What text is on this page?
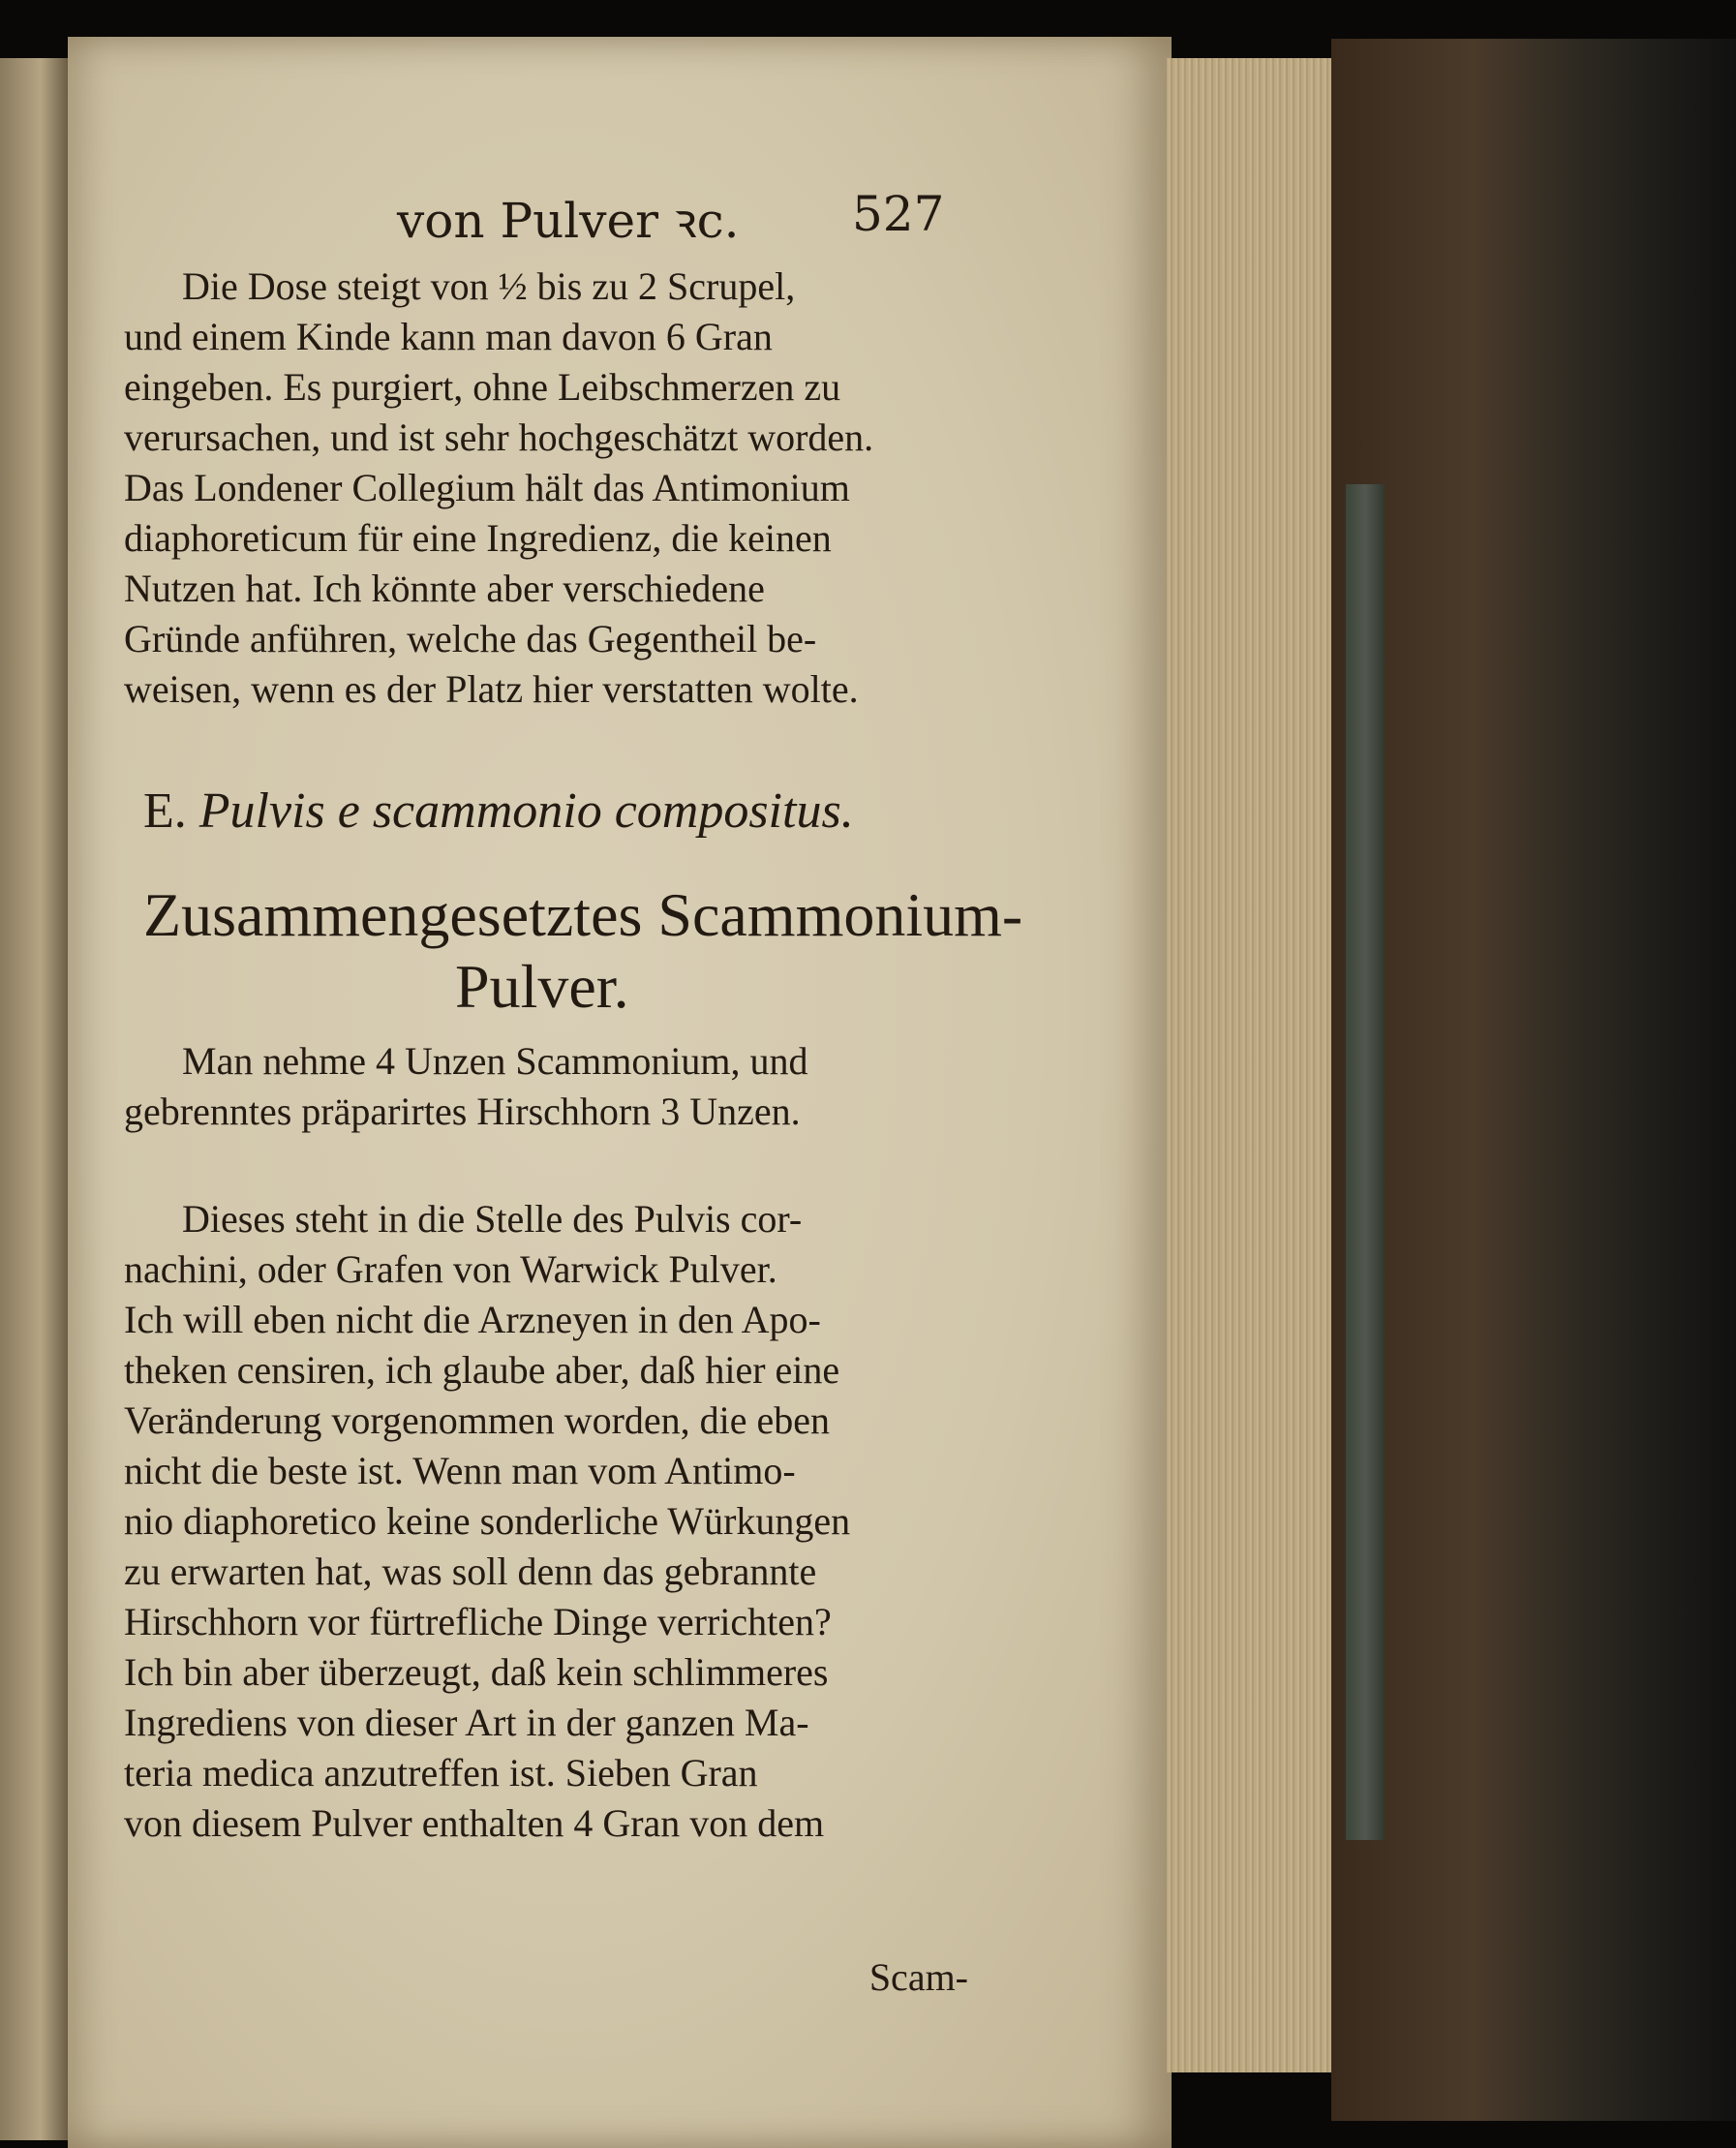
von Pulver ꝛc. 527
Die Dose steigt von ½ bis zu 2 Scrupel,
und einem Kinde kann man davon 6 Gran
eingeben. Es purgiert, ohne Leibschmerzen zu
verursachen, und ist sehr hochgeschätzt worden.
Das Londener Collegium hält das Antimonium
diaphoreticum für eine Ingredienz, die keinen
Nutzen hat. Ich könnte aber verschiedene
Gründe anführen, welche das Gegentheil be-
weisen, wenn es der Platz hier verstatten wolte.
E. Pulvis e scammonio compositus.
Zusammengesetztes Scammonium-
Pulver.
Man nehme 4 Unzen Scammonium, und
gebrenntes präparirtes Hirschhorn 3 Unzen.
Dieses steht in die Stelle des Pulvis cor-
nachini, oder Grafen von Warwick Pulver.
Ich will eben nicht die Arzneyen in den Apo-
theken censiren, ich glaube aber, daß hier eine
Veränderung vorgenommen worden, die eben
nicht die beste ist. Wenn man vom Antimo-
nio diaphoretico keine sonderliche Würkungen
zu erwarten hat, was soll denn das gebrannte
Hirschhorn vor fürtrefliche Dinge verrichten?
Ich bin aber überzeugt, daß kein schlimmeres
Ingrediens von dieser Art in der ganzen Ma-
teria medica anzutreffen ist. Sieben Gran
von diesem Pulver enthalten 4 Gran von dem
Scam-
